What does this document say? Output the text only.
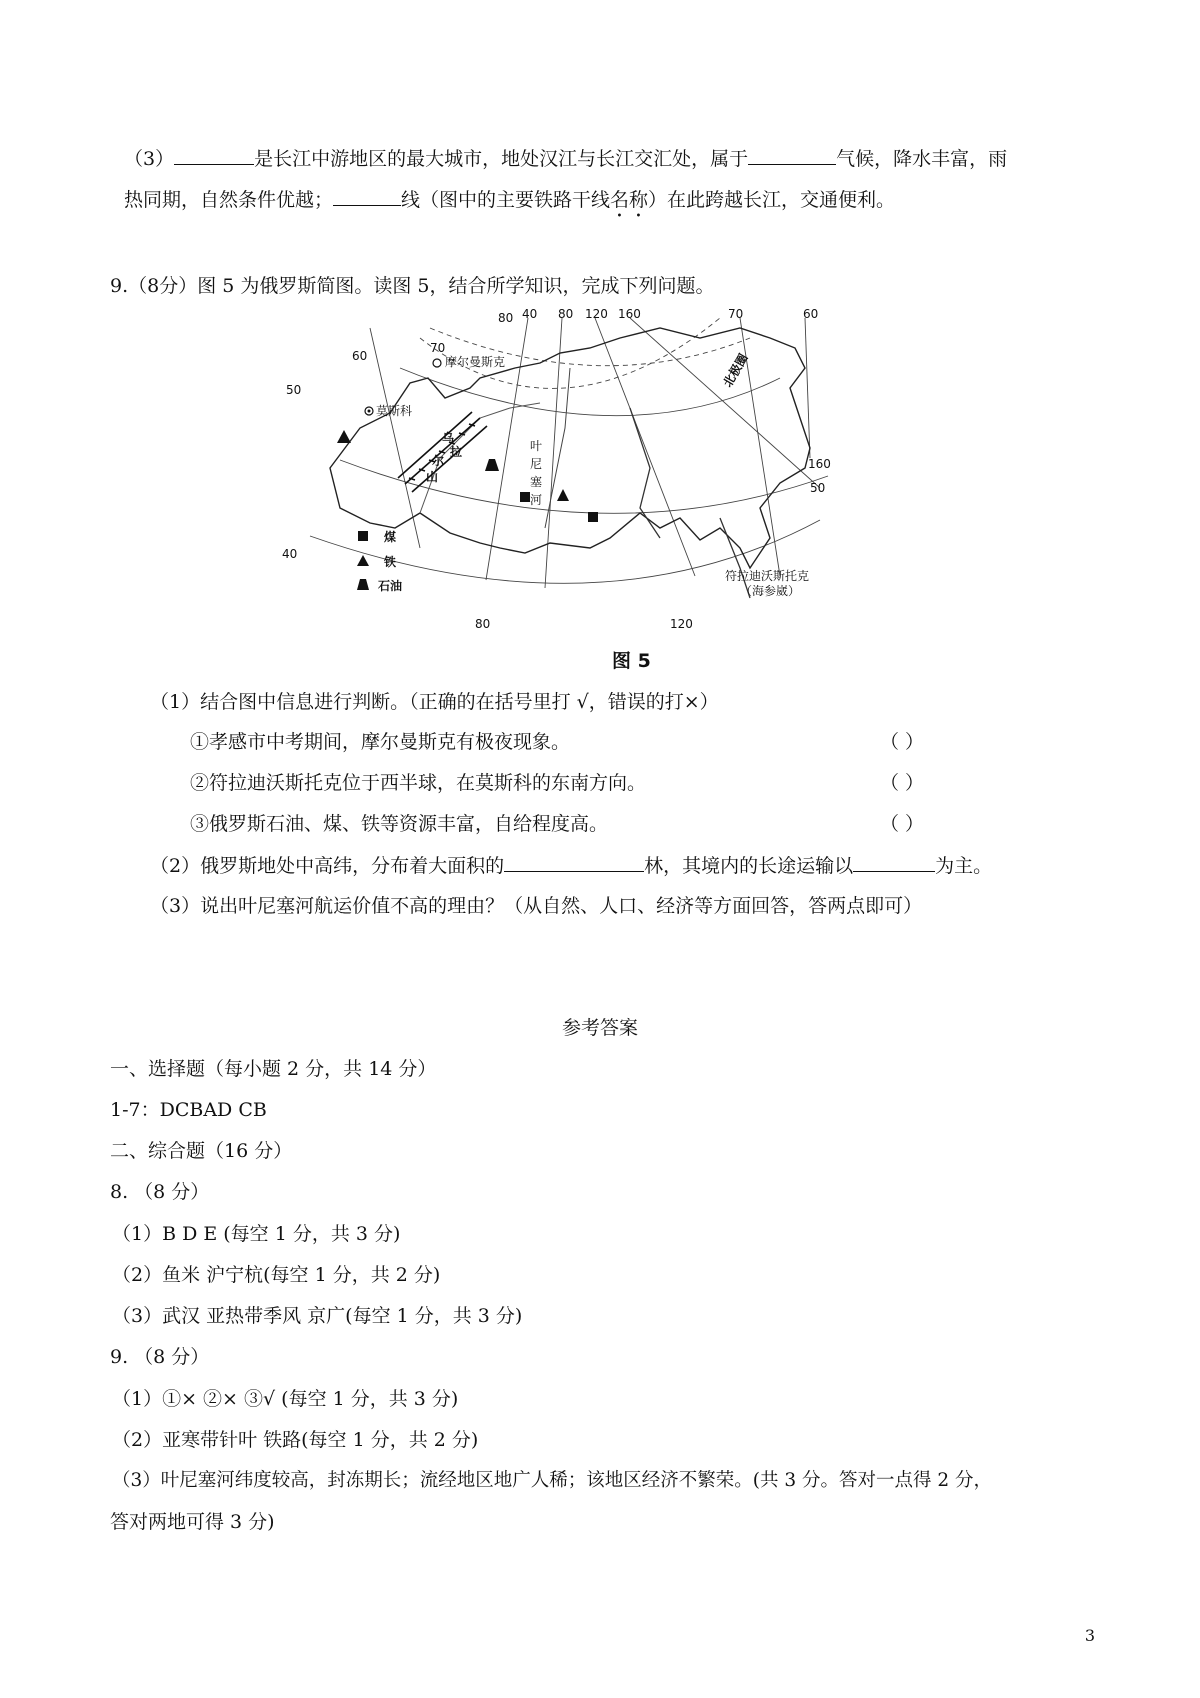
（3）	是长江中游地区的最大城市，地处汉江与长江交汇处，属于	气候，降水丰富，雨
热同期，自然条件优越；	线（图中的主要铁路干线名称）在此跨越长江，交通便利。
9.（8分）图 5 为俄罗斯简图。读图 5，结合所学知识，完成下列问题。
乌
拉
尔
山
叶
尼
塞
河
摩尔曼斯克
莫斯科
北极圈
煤
铁
石油
符拉迪沃斯托克
（海参崴）
80 40 80 120 160
70
60
60
70
50
160
50
40
80	120
图 5
（1）结合图中信息进行判断。（正确的在括号里打 √，错误的打×）
①孝感市中考期间，摩尔曼斯克有极夜现象。	（ ）
②符拉迪沃斯托克位于西半球，在莫斯科的东南方向。	（ ）
③俄罗斯石油、煤、铁等资源丰富，自给程度高。	（ ）
（2）俄罗斯地处中高纬，分布着大面积的	林，其境内的长途运输以	为主。
（3）说出叶尼塞河航运价值不高的理由？（从自然、人口、经济等方面回答，答两点即可）
参考答案
一、选择题（每小题 2 分，共 14 分）
1-7：DCBAD CB
二、综合题（16 分）
8. （8 分）
（1）B D E (每空 1 分，共 3 分)
（2）鱼米 沪宁杭(每空 1 分，共 2 分)
（3）武汉 亚热带季风 京广(每空 1 分，共 3 分)
9. （8 分）
（1）①× ②× ③√ (每空 1 分，共 3 分)
（2）亚寒带针叶 铁路(每空 1 分，共 2 分)
（3）叶尼塞河纬度较高，封冻期长；流经地区地广人稀；该地区经济不繁荣。(共 3 分。答对一点得 2 分，
答对两地可得 3 分)
3
